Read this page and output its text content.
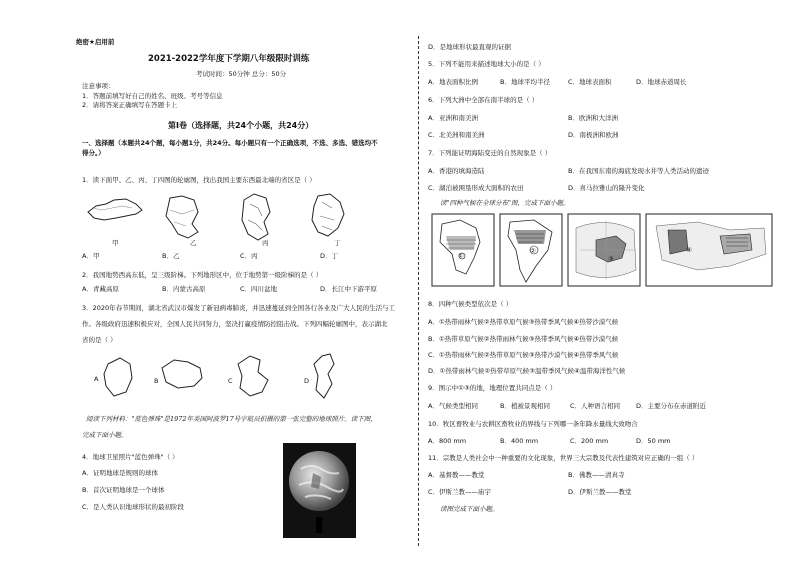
绝密★启用前
2021-2022学年度下学期八年级限时训练
考试时间：50分钟 总分：50分
注意事项：
1．答题前填写好自己的姓名、班级、考号等信息
2．请将答案正确填写在答题卡上
第Ⅰ卷（选择题，共24个小题，共24分）
一、选择题（本题共24个题，每小题1分，共24分。每小题只有一个正确选项，不选、多选、错选均不
得分。）
1．读下面甲、乙、丙、丁四图的轮廓图，找出我国主要东西最北端的省区是（ ）
甲	乙	丙	丁
A．甲	B．乙	C．丙	D．丁
2．我国地势西高东低，呈三级阶梯。下列地形区中，位于地势第一级阶梯的是（ ）
A．青藏高原	B．内蒙古高原	C．四川盆地	D．长江中下游平原
3．2020年春节期间，湖北省武汉市爆发了新冠病毒肺炎，并迅速蔓延到全国各行各业及广大人民的生活与工
作。各级政府迅速积极应对，全国人民共同努力，坚决打赢疫情防控阻击战。下列四幅轮廓图中，表示湖北
省的是（ ）
A	B	C	D
阅读下列材料："蓝色弹珠"是1972年美国阿波罗17号宇航员拍摄的第一张完整的地球照片。读下图，
完成下面小题。
4．地球卫星照片"蓝色弹珠"（ ）
A．证明地球是规则的球体
B．首次证明地球是一个球体
C．是人类认识地球形状的最初阶段
D．是地球形状最直观的证据
5．下列不能用来描述地球大小的是（ ）
A．地表面积比例	B．地球平均半径	C．地球表面积	D．地球赤道周长
6．下列大洲中全部在南半球的是（ ）
A．亚洲和南美洲	B．欧洲和大洋洲
C．北美洲和南美洲	D．南极洲和欧洲
7．下列能证明海陆变迁的自然现象是（ ）
A．香港的填海造陆	B．在我国东南的海底发现水井等人类活动的遗迹
C．湖泊被围垦形成大面积的农田	D．喜马拉雅山的隆升变化
读"四种气候在全球分布"图，完成下面小题。
①
②
③
④
8．四种气候类型依次是（ ）
A．①热带雨林气候②热带草原气候③热带季风气候④热带沙漠气候
B．①热带草原气候②热带雨林气候③热带季风气候④热带沙漠气候
C．①热带雨林气候②热带草原气候③热带沙漠气候④热带季风气候
D．①热带雨林气候②热带草原气候③温带季风气候④温带海洋性气候
9．图示中①③的地，地理位置共同点是（ ）
A．气候类型相同	B．植被景观相同	C．人种语言相同 D．主要分布在赤道附近
10．牧区畜牧业与农耕区畜牧业的界线与下列哪一条年降水量线大致吻合
A．800 mm	B．400 mm	C．200 mm	D．50 mm
11．宗教是人类社会中一种重要的文化现象，世界三大宗教及代表性建筑对应正确的一组（ ）
A．基督教——教堂	B．佛教——清真寺
C．伊斯兰教——庙宇	D．伊斯兰教——教堂
读图完成下面小题。
